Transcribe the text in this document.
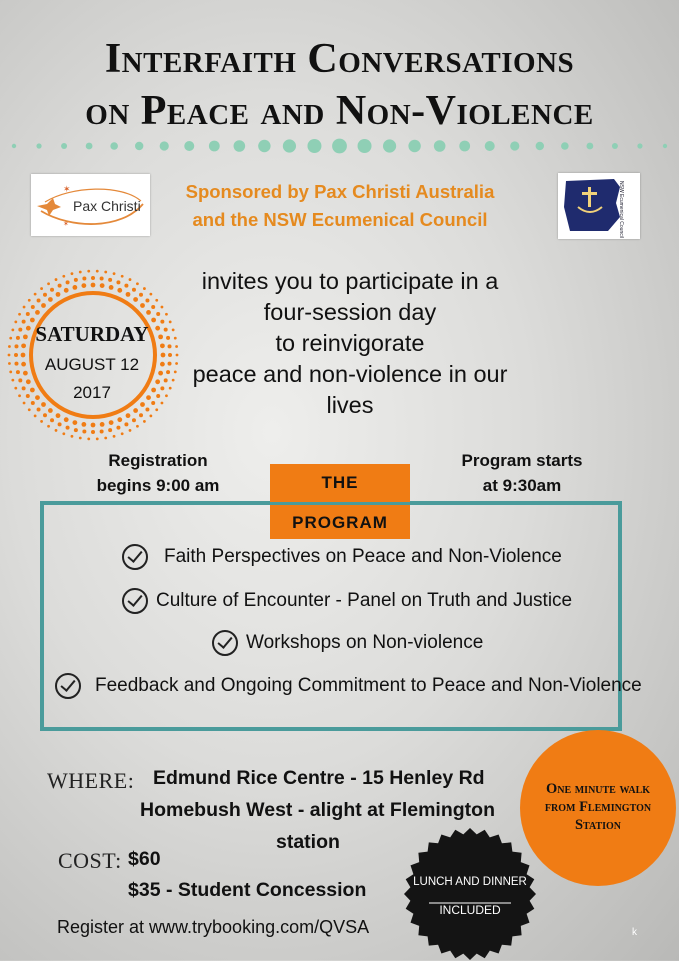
Interfaith Conversations
on Peace and Non-Violence
✶
✶
Pax Christi
Sponsored by Pax Christi Australia
and the NSW Ecumenical Council	NSW Ecumenical Council
SATURDAY
AUGUST 12
2017
invites you to participate in a
four-session day
to reinvigorate
peace and non-violence in our
lives
Registration
begins 9:00 am
Program starts
at 9:30am
THE
PROGRAM
Faith Perspectives on Peace and Non-Violence
Culture of Encounter - Panel on Truth and Justice
Workshops on Non-violence
Feedback and Ongoing Commitment to Peace and Non-Violence
WHERE: Edmund Rice Centre - 15 Henley Rd
Homebush West - alight at Flemington
station
COST: $60
$35 - Student Concession
Register at www.trybooking.com/QVSA
One minute walk
from Flemington
Station
LUNCH AND DINNER
INCLUDED
k
